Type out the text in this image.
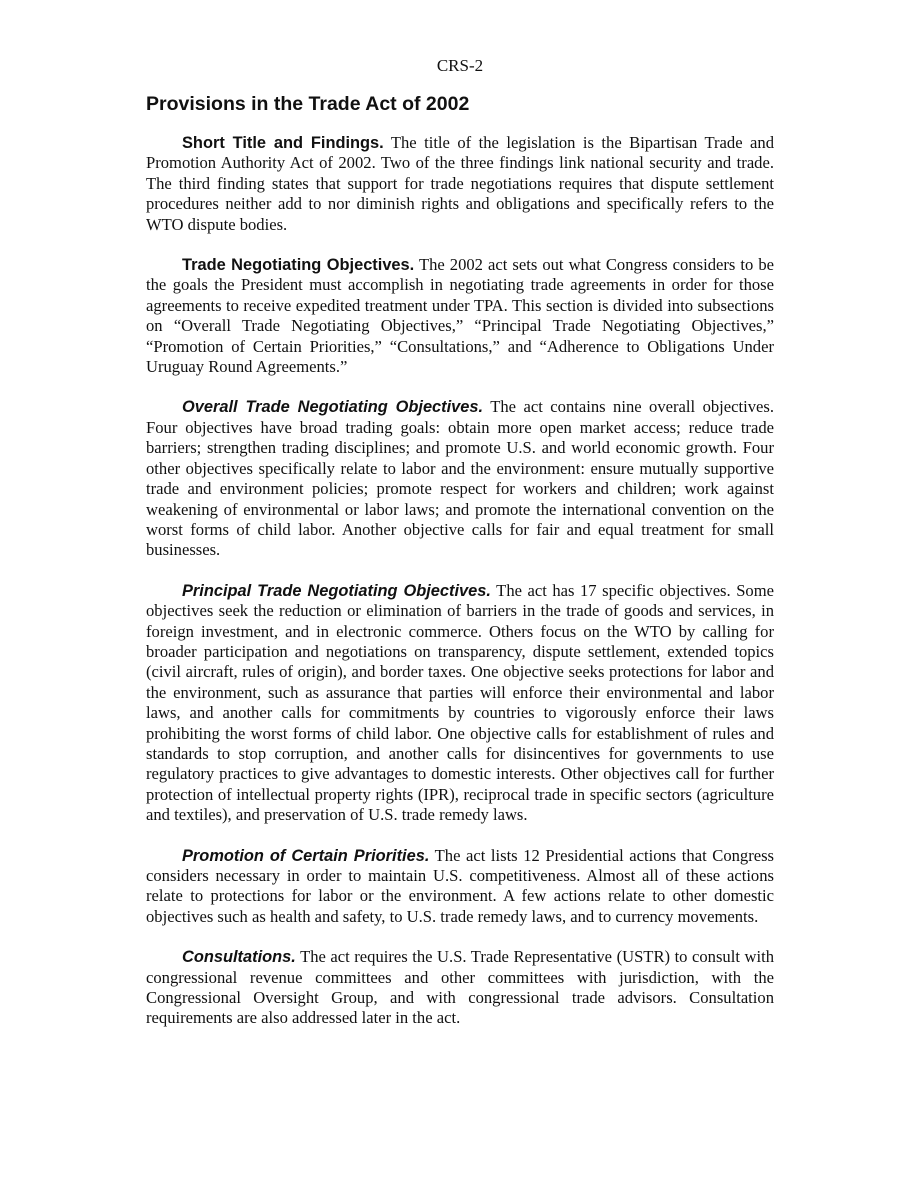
CRS-2
Provisions in the Trade Act of 2002

Short Title and Findings. The title of the legislation is the Bipartisan Trade and Promotion Authority Act of 2002. Two of the three findings link national security and trade. The third finding states that support for trade negotiations requires that dispute settlement procedures neither add to nor diminish rights and obligations and specifically refers to the WTO dispute bodies.

Trade Negotiating Objectives. The 2002 act sets out what Congress considers to be the goals the President must accomplish in negotiating trade agreements in order for those agreements to receive expedited treatment under TPA. This section is divided into subsections on “Overall Trade Negotiating Objectives,” “Principal Trade Negotiating Objectives,” “Promotion of Certain Priorities,” “Consultations,” and “Adherence to Obligations Under Uruguay Round Agreements.”

Overall Trade Negotiating Objectives. The act contains nine overall objectives. Four objectives have broad trading goals: obtain more open market access; reduce trade barriers; strengthen trading disciplines; and promote U.S. and world economic growth. Four other objectives specifically relate to labor and the environment: ensure mutually supportive trade and environment policies; promote respect for workers and children; work against weakening of environmental or labor laws; and promote the international convention on the worst forms of child labor. Another objective calls for fair and equal treatment for small businesses.

Principal Trade Negotiating Objectives. The act has 17 specific objectives. Some objectives seek the reduction or elimination of barriers in the trade of goods and services, in foreign investment, and in electronic commerce. Others focus on the WTO by calling for broader participation and negotiations on transparency, dispute settlement, extended topics (civil aircraft, rules of origin), and border taxes. One objective seeks protections for labor and the environment, such as assurance that parties will enforce their environmental and labor laws, and another calls for commitments by countries to vigorously enforce their laws prohibiting the worst forms of child labor. One objective calls for establishment of rules and standards to stop corruption, and another calls for disincentives for governments to use regulatory practices to give advantages to domestic interests. Other objectives call for further protection of intellectual property rights (IPR), reciprocal trade in specific sectors (agriculture and textiles), and preservation of U.S. trade remedy laws.

Promotion of Certain Priorities. The act lists 12 Presidential actions that Congress considers necessary in order to maintain U.S. competitiveness. Almost all of these actions relate to protections for labor or the environment. A few actions relate to other domestic objectives such as health and safety, to U.S. trade remedy laws, and to currency movements.

Consultations. The act requires the U.S. Trade Representative (USTR) to consult with congressional revenue committees and other committees with jurisdiction, with the Congressional Oversight Group, and with congressional trade advisors. Consultation requirements are also addressed later in the act.
